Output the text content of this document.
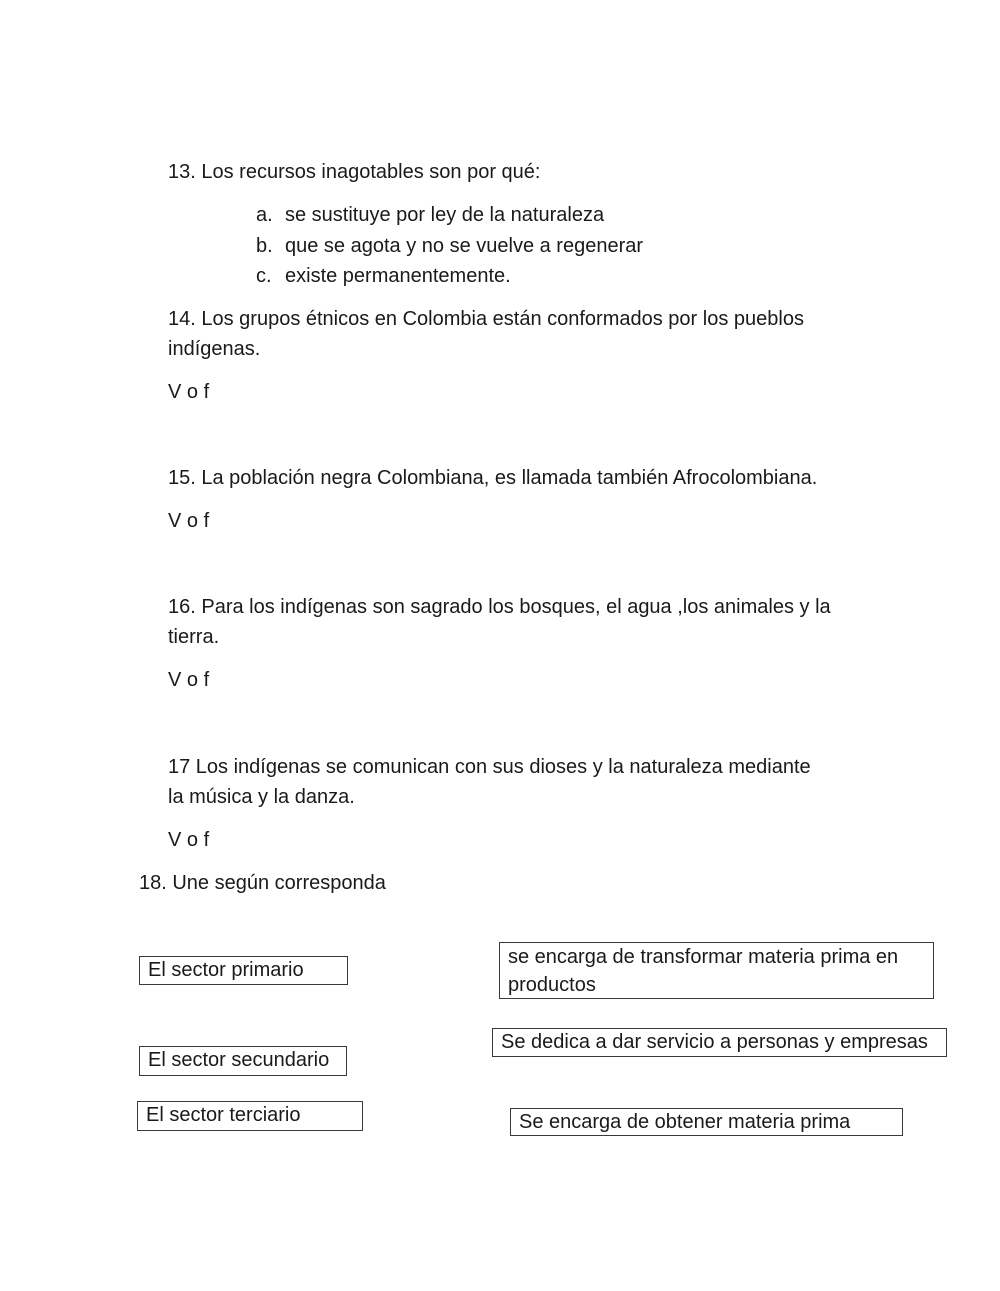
13. Los recursos inagotables son por qué:
a. se sustituye por ley de la naturaleza
b. que se agota y no se vuelve a regenerar
c. existe permanentemente.
14. Los grupos étnicos en Colombia están conformados por los pueblos
indígenas.
V o f
15. La población negra Colombiana, es llamada también Afrocolombiana.
V o f
16. Para los indígenas son sagrado los bosques, el agua ,los animales y la
tierra.
V o f
17 Los indígenas se comunican con sus dioses y la naturaleza mediante
la música y la danza.
V o f
18. Une según corresponda
El sector primario
El sector secundario
El sector terciario
se encarga de transformar materia prima en
productos
Se dedica a dar servicio a personas y empresas
Se encarga de obtener materia prima
